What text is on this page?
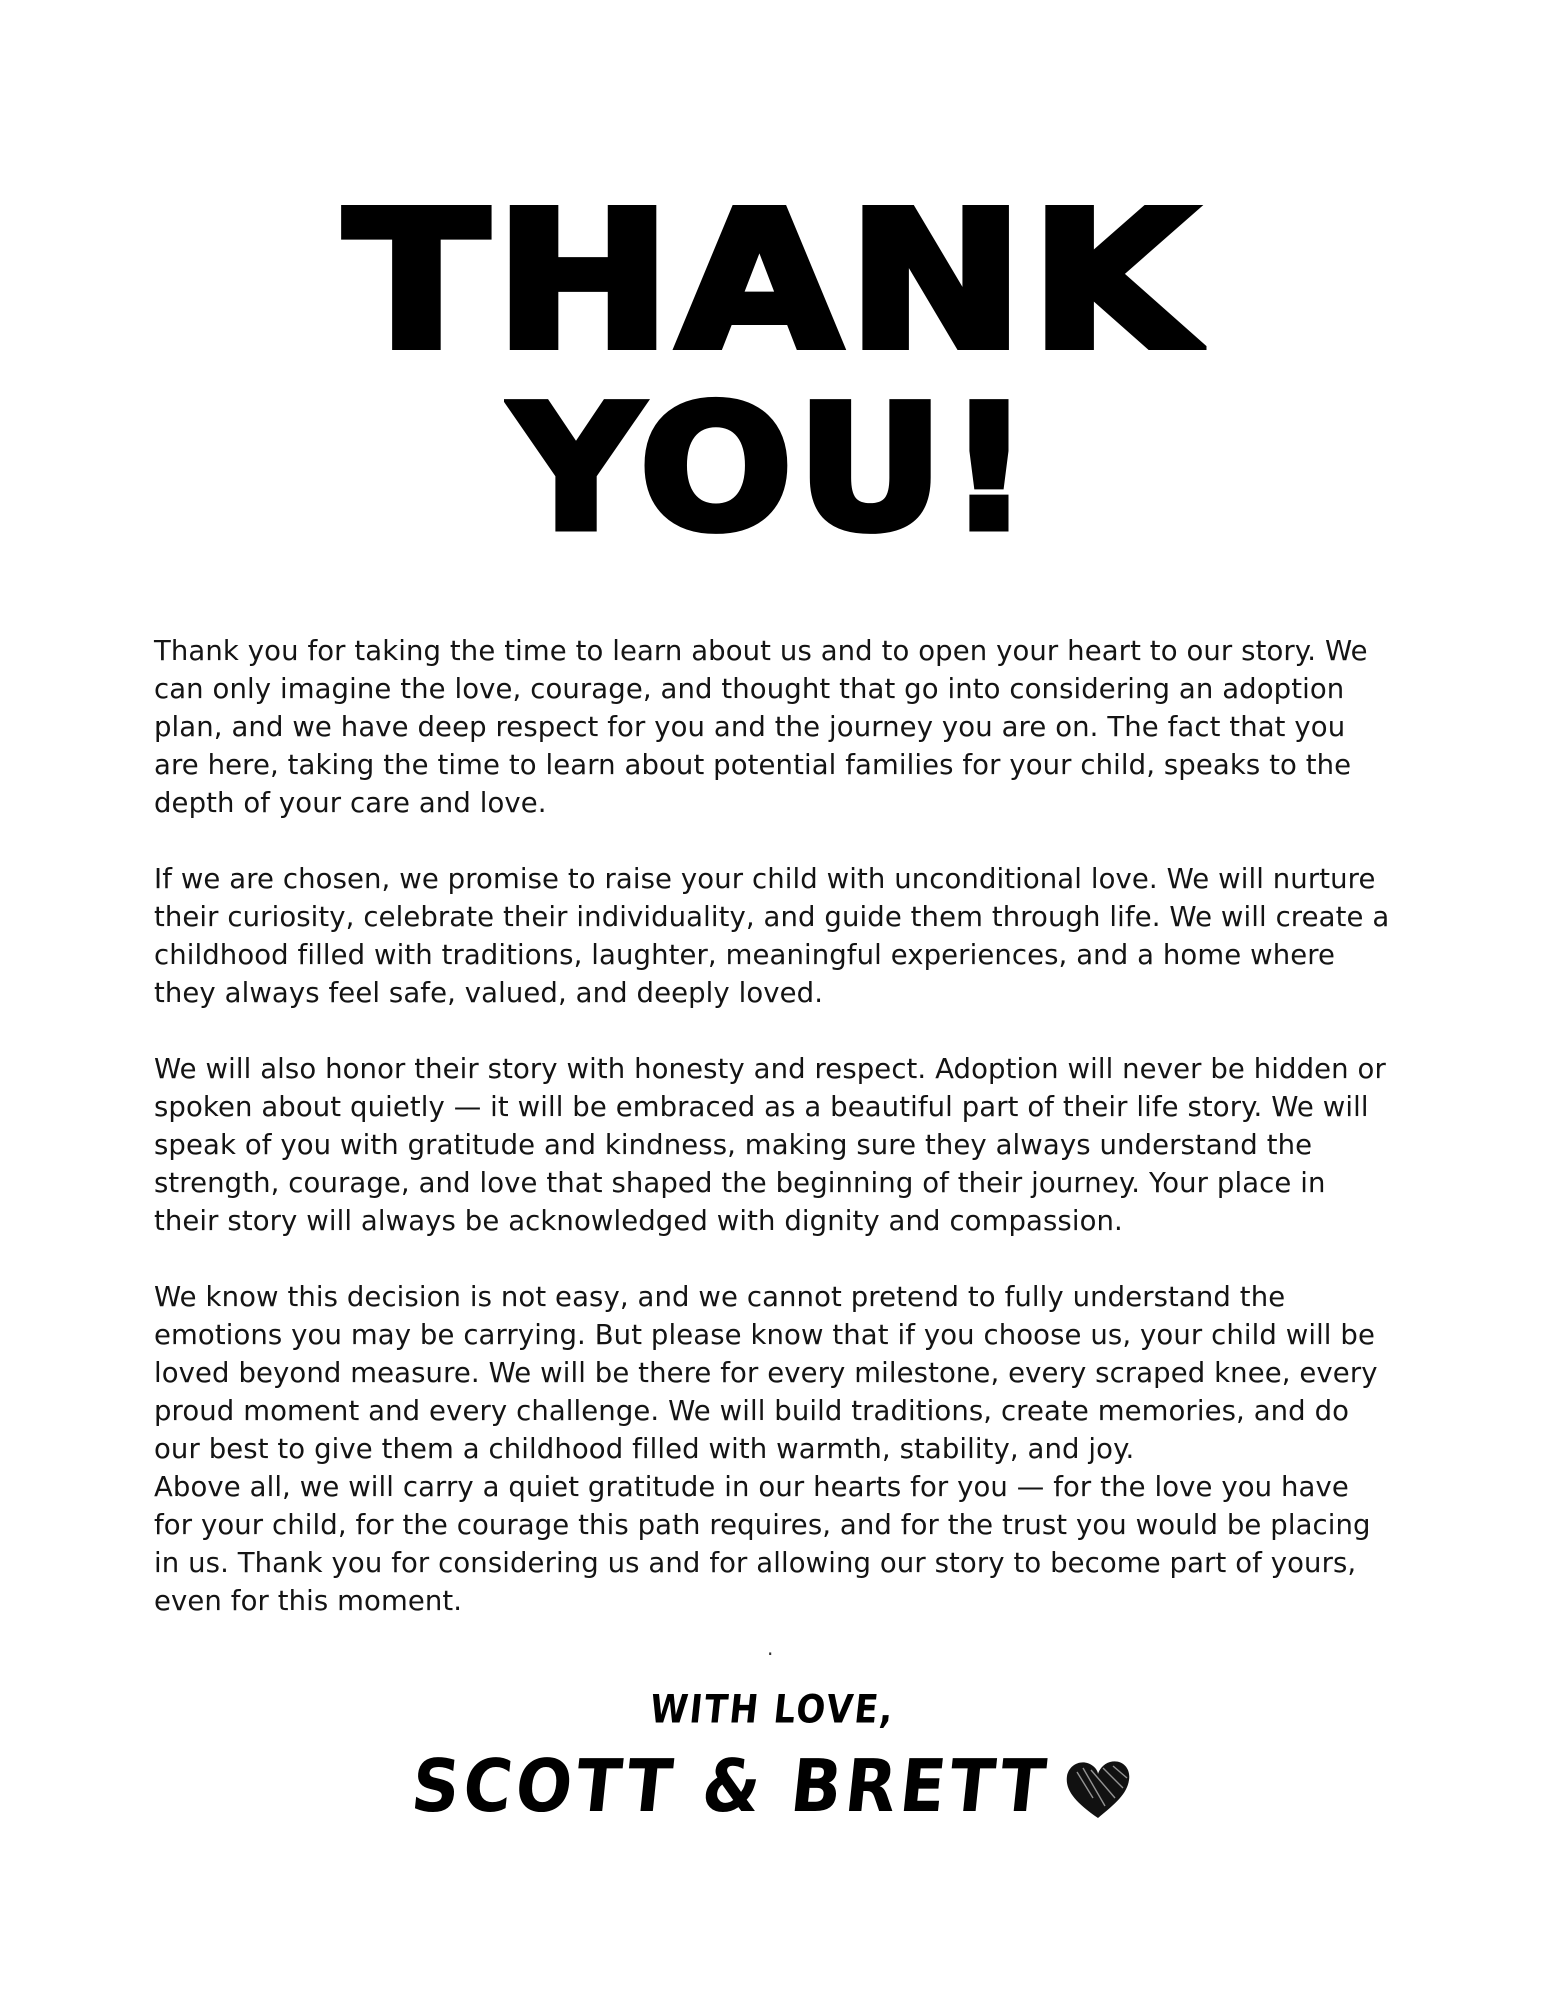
THANK
YOU!

Thank you for taking the time to learn about us and to open your heart to our story. We can only imagine the love, courage, and thought that go into considering an adoption plan, and we have deep respect for you and the journey you are on. The fact that you are here, taking the time to learn about potential families for your child, speaks to the depth of your care and love.

If we are chosen, we promise to raise your child with unconditional love. We will nurture their curiosity, celebrate their individuality, and guide them through life. We will create a childhood filled with traditions, laughter, meaningful experiences, and a home where they always feel safe, valued, and deeply loved.

We will also honor their story with honesty and respect. Adoption will never be hidden or spoken about quietly — it will be embraced as a beautiful part of their life story. We will speak of you with gratitude and kindness, making sure they always understand the strength, courage, and love that shaped the beginning of their journey. Your place in their story will always be acknowledged with dignity and compassion.

We know this decision is not easy, and we cannot pretend to fully understand the emotions you may be carrying. But please know that if you choose us, your child will be loved beyond measure. We will be there for every milestone, every scraped knee, every proud moment and every challenge. We will build traditions, create memories, and do our best to give them a childhood filled with warmth, stability, and joy.

Above all, we will carry a quiet gratitude in our hearts for you — for the love you have for your child, for the courage this path requires, and for the trust you would be placing in us. Thank you for considering us and for allowing our story to become part of yours, even for this moment.

.

WITH LOVE,

SCOTT & BRETT
